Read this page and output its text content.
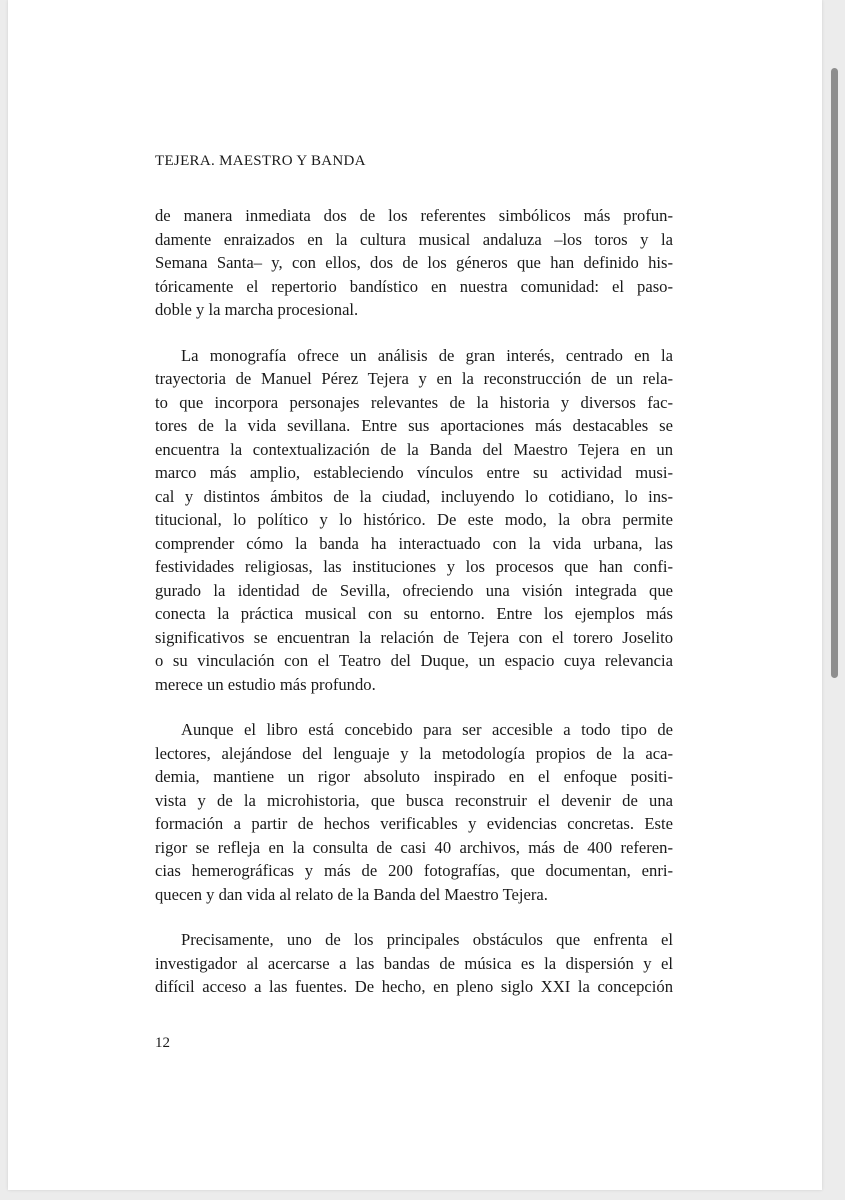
TEJERA. MAESTRO Y BANDA

de manera inmediata dos de los referentes simbólicos más profun-
damente enraizados en la cultura musical andaluza –los toros y la
Semana Santa– y, con ellos, dos de los géneros que han definido his-
tóricamente el repertorio bandístico en nuestra comunidad: el paso-
doble y la marcha procesional.

La monografía ofrece un análisis de gran interés, centrado en la
trayectoria de Manuel Pérez Tejera y en la reconstrucción de un rela-
to que incorpora personajes relevantes de la historia y diversos fac-
tores de la vida sevillana. Entre sus aportaciones más destacables se
encuentra la contextualización de la Banda del Maestro Tejera en un
marco más amplio, estableciendo vínculos entre su actividad musi-
cal y distintos ámbitos de la ciudad, incluyendo lo cotidiano, lo ins-
titucional, lo político y lo histórico. De este modo, la obra permite
comprender cómo la banda ha interactuado con la vida urbana, las
festividades religiosas, las instituciones y los procesos que han confi-
gurado la identidad de Sevilla, ofreciendo una visión integrada que
conecta la práctica musical con su entorno. Entre los ejemplos más
significativos se encuentran la relación de Tejera con el torero Joselito
o su vinculación con el Teatro del Duque, un espacio cuya relevancia
merece un estudio más profundo.

Aunque el libro está concebido para ser accesible a todo tipo de
lectores, alejándose del lenguaje y la metodología propios de la aca-
demia, mantiene un rigor absoluto inspirado en el enfoque positi-
vista y de la microhistoria, que busca reconstruir el devenir de una
formación a partir de hechos verificables y evidencias concretas. Este
rigor se refleja en la consulta de casi 40 archivos, más de 400 referen-
cias hemerográficas y más de 200 fotografías, que documentan, enri-
quecen y dan vida al relato de la Banda del Maestro Tejera.

Precisamente, uno de los principales obstáculos que enfrenta el
investigador al acercarse a las bandas de música es la dispersión y el
difícil acceso a las fuentes. De hecho, en pleno siglo XXI la concepción

12
